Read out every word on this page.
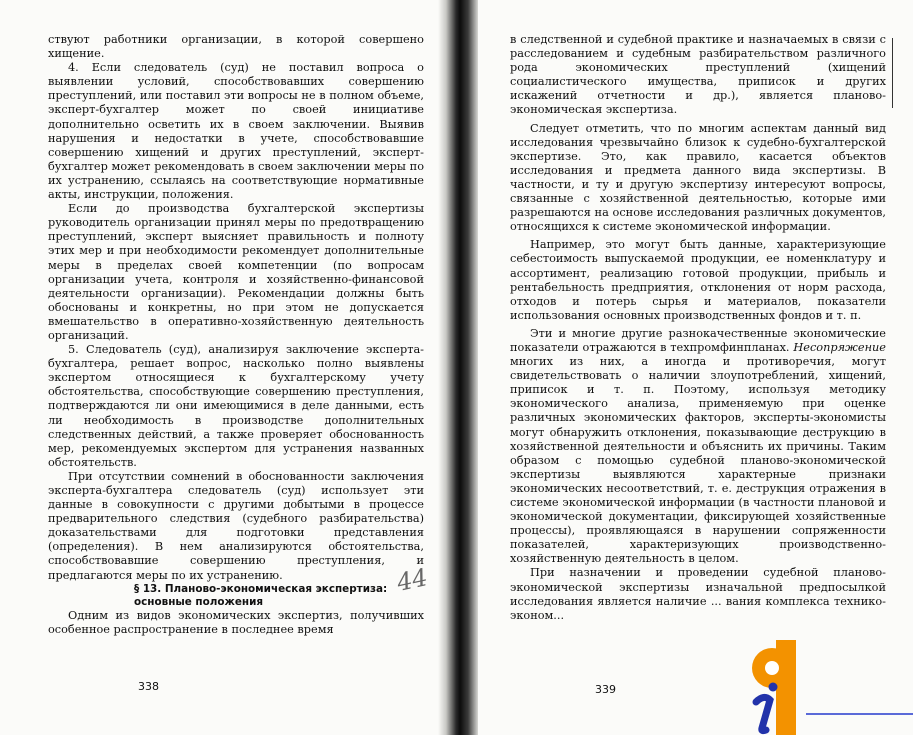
ствуют работники организации, в которой совершено хищение.

4. Если следователь (суд) не поставил вопроса о выявлении условий, способствовавших совершению преступлений, или поставил эти вопросы не в полном объеме, эксперт-бухгалтер может по своей инициативе дополнительно осветить их в своем заключении. Выявив нарушения и недостатки в учете, способствовавшие совершению хищений и других преступлений, эксперт-бухгалтер может рекомендовать в своем заключении меры по их устранению, ссылаясь на соответствующие нормативные акты, инструкции, положения.

Если до производства бухгалтерской экспертизы руководитель организации принял меры по предотвращению преступлений, эксперт выясняет правильность и полноту этих мер и при необходимости рекомендует дополнительные меры в пределах своей компетенции (по вопросам организации учета, контроля и хозяйственно-финансовой деятельности организации). Рекомендации должны быть обоснованы и конкретны, но при этом не допускается вмешательство в оперативно-хозяйственную деятельность организаций.

5. Следователь (суд), анализируя заключение эксперта-бухгалтера, решает вопрос, насколько полно выявлены экспертом относящиеся к бухгалтерскому учету обстоятельства, способствующие совершению преступления, подтверждаются ли они имеющимися в деле данными, есть ли необходимость в производстве дополнительных следственных действий, а также проверяет обоснованность мер, рекомендуемых экспертом для устранения названных обстоятельств.

При отсутствии сомнений в обоснованности заключения эксперта-бухгалтера следователь (суд) использует эти данные в совокупности с другими добытыми в процессе предварительного следствия (судебного разбирательства) доказательствами для подготовки представления (определения). В нем анализируются обстоятельства, способствовавшие совершению преступления, и предлагаются меры по их устранению.

§ 13. Планово-экономическая экспертиза: основные положения

Одним из видов экономических экспертиз, получивших особенное распространение в последнее время

338
44

в следственной и судебной практике и назначаемых в связи с расследованием и судебным разбирательством различного рода экономических преступлений (хищений социалистического имущества, приписок и других искажений отчетности и др.), является планово-экономическая экспертиза.

Следует отметить, что по многим аспектам данный вид исследования чрезвычайно близок к судебно-бухгалтерской экспертизе. Это, как правило, касается объектов исследования и предмета данного вида экспертизы. В частности, и ту и другую экспертизу интересуют вопросы, связанные с хозяйственной деятельностью, которые ими разрешаются на основе исследования различных документов, относящихся к системе экономической информации.

Например, это могут быть данные, характеризующие себестоимость выпускаемой продукции, ее номенклатуру и ассортимент, реализацию готовой продукции, прибыль и рентабельность предприятия, отклонения от норм расхода, отходов и потерь сырья и материалов, показатели использования основных производственных фондов и т. п.

Эти и многие другие разнокачественные экономические показатели отражаются в техпромфинпланах. Несопряжение многих из них, а иногда и противоречия, могут свидетельствовать о наличии злоупотреблений, хищений, приписок и т. п. Поэтому, используя методику экономического анализа, применяемую при оценке различных экономических факторов, эксперты-экономисты могут обнаружить отклонения, показывающие деструкцию в хозяйственной деятельности и объяснить их причины. Таким образом с помощью судебной планово-экономической экспертизы выявляются характерные признаки экономических несоответствий, т. е. деструкция отражения в системе экономической информации (в частности плановой и экономической документации, фиксирующей хозяйственные процессы), проявляющаяся в нарушении сопряженности показателей, характеризующих производственно-хозяйственную деятельность в целом.

При назначении и проведении судебной планово-экономической экспертизы изначальной предпосылкой исследования является наличие ... вания комплекса технико-эконом...

339
